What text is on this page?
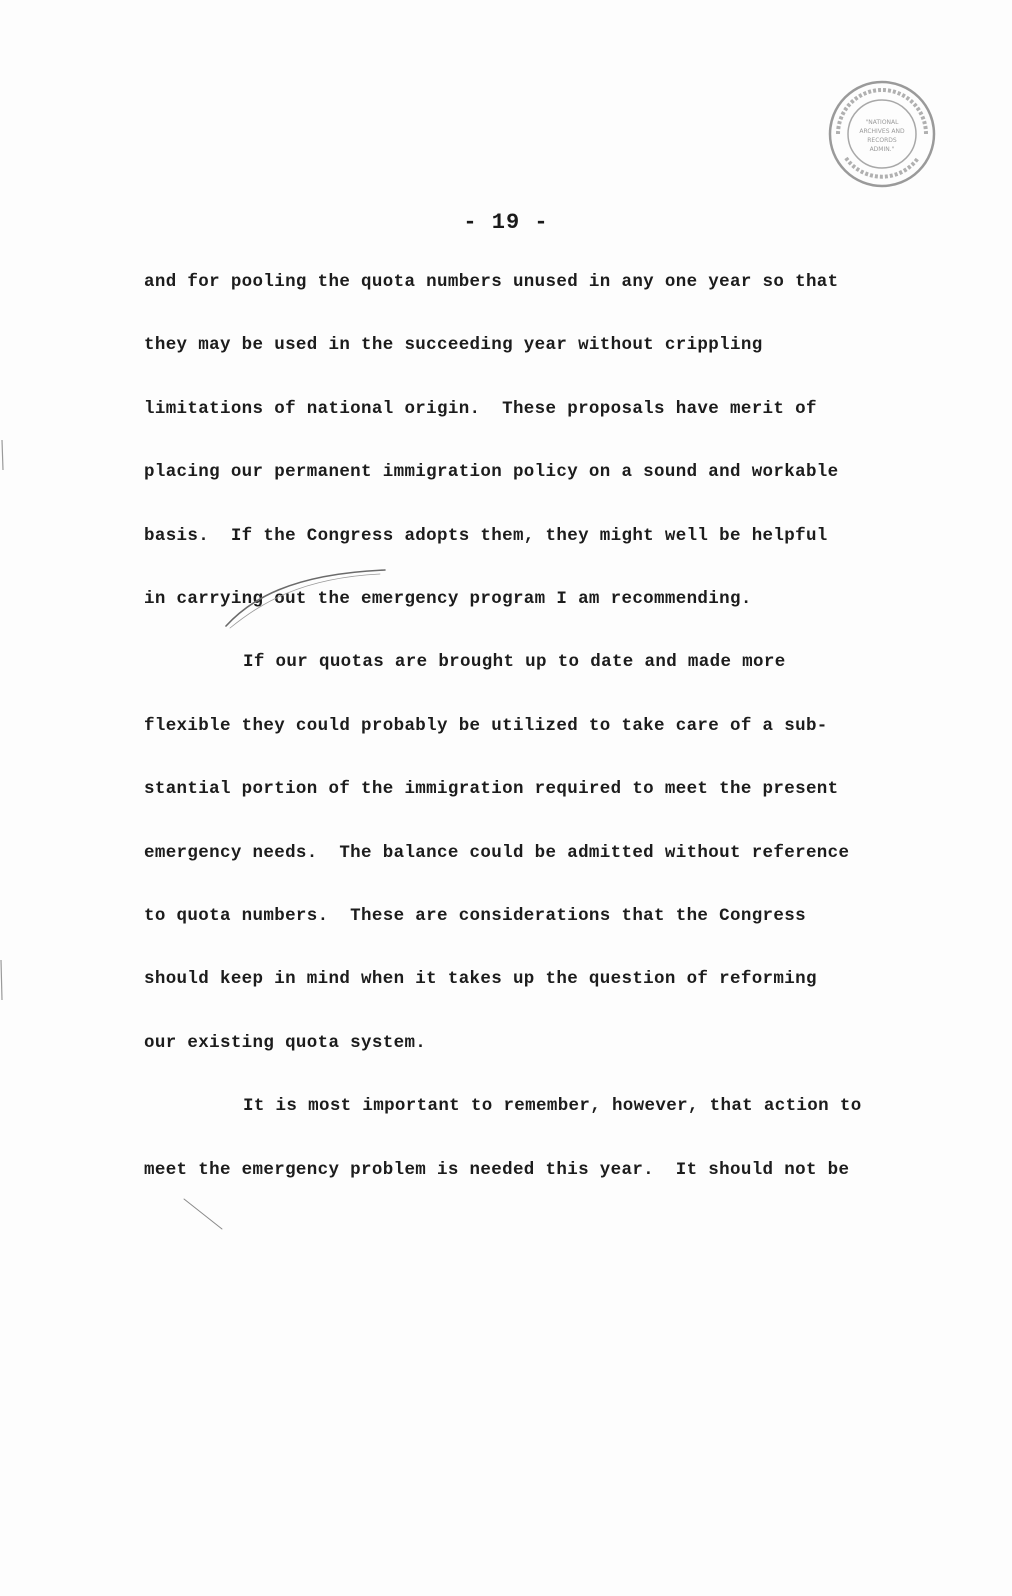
"NATIONAL
ARCHIVES AND
RECORDS
ADMIN."
- 19 -
and for pooling the quota numbers unused in any one year so that
they may be used in the succeeding year without crippling
limitations of national origin.  These proposals have merit of
placing our permanent immigration policy on a sound and workable
basis.  If the Congress adopts them, they might well be helpful
in carrying out the emergency program I am recommending.
If our quotas are brought up to date and made more
flexible they could probably be utilized to take care of a sub-
stantial portion of the immigration required to meet the present
emergency needs.  The balance could be admitted without reference
to quota numbers.  These are considerations that the Congress
should keep in mind when it takes up the question of reforming
our existing quota system.
It is most important to remember, however, that action to
meet the emergency problem is needed this year.  It should not be
